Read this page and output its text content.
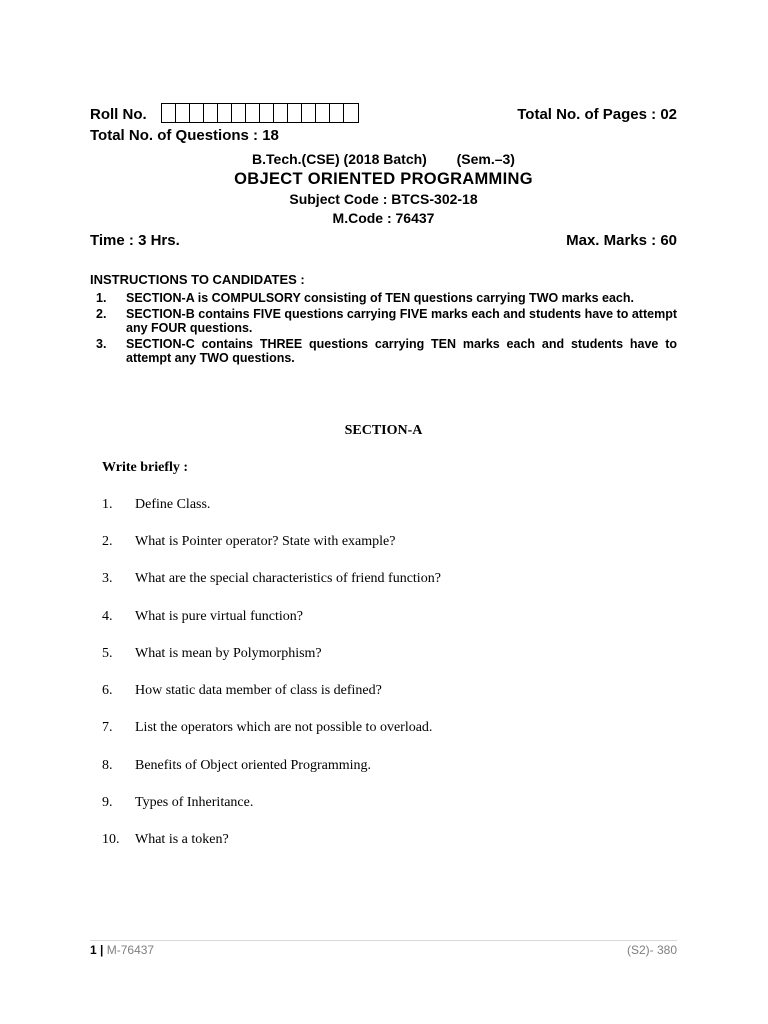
Roll No.	Total No. of Pages : 02
Total No. of Questions : 18
B.Tech.(CSE) (2018 Batch) (Sem.–3)
OBJECT ORIENTED PROGRAMMING
Subject Code : BTCS-302-18
M.Code : 76437
Time : 3 Hrs.	Max. Marks : 60
INSTRUCTIONS TO CANDIDATES :
1.	SECTION-A is COMPULSORY consisting of TEN questions carrying TWO marks each.
2.	SECTION-B contains FIVE questions carrying FIVE marks each and students have to attempt any FOUR questions.
3.	SECTION-C contains THREE questions carrying TEN marks each and students have to attempt any TWO questions.
SECTION-A
Write briefly :
1.	Define Class.
2.	What is Pointer operator? State with example?
3.	What are the special characteristics of friend function?
4.	What is pure virtual function?
5.	What is mean by Polymorphism?
6.	How static data member of class is defined?
7.	List the operators which are not possible to overload.
8.	Benefits of Object oriented Programming.
9.	Types of Inheritance.
10.	What is a token?
1 | M-76437	(S2)- 380
